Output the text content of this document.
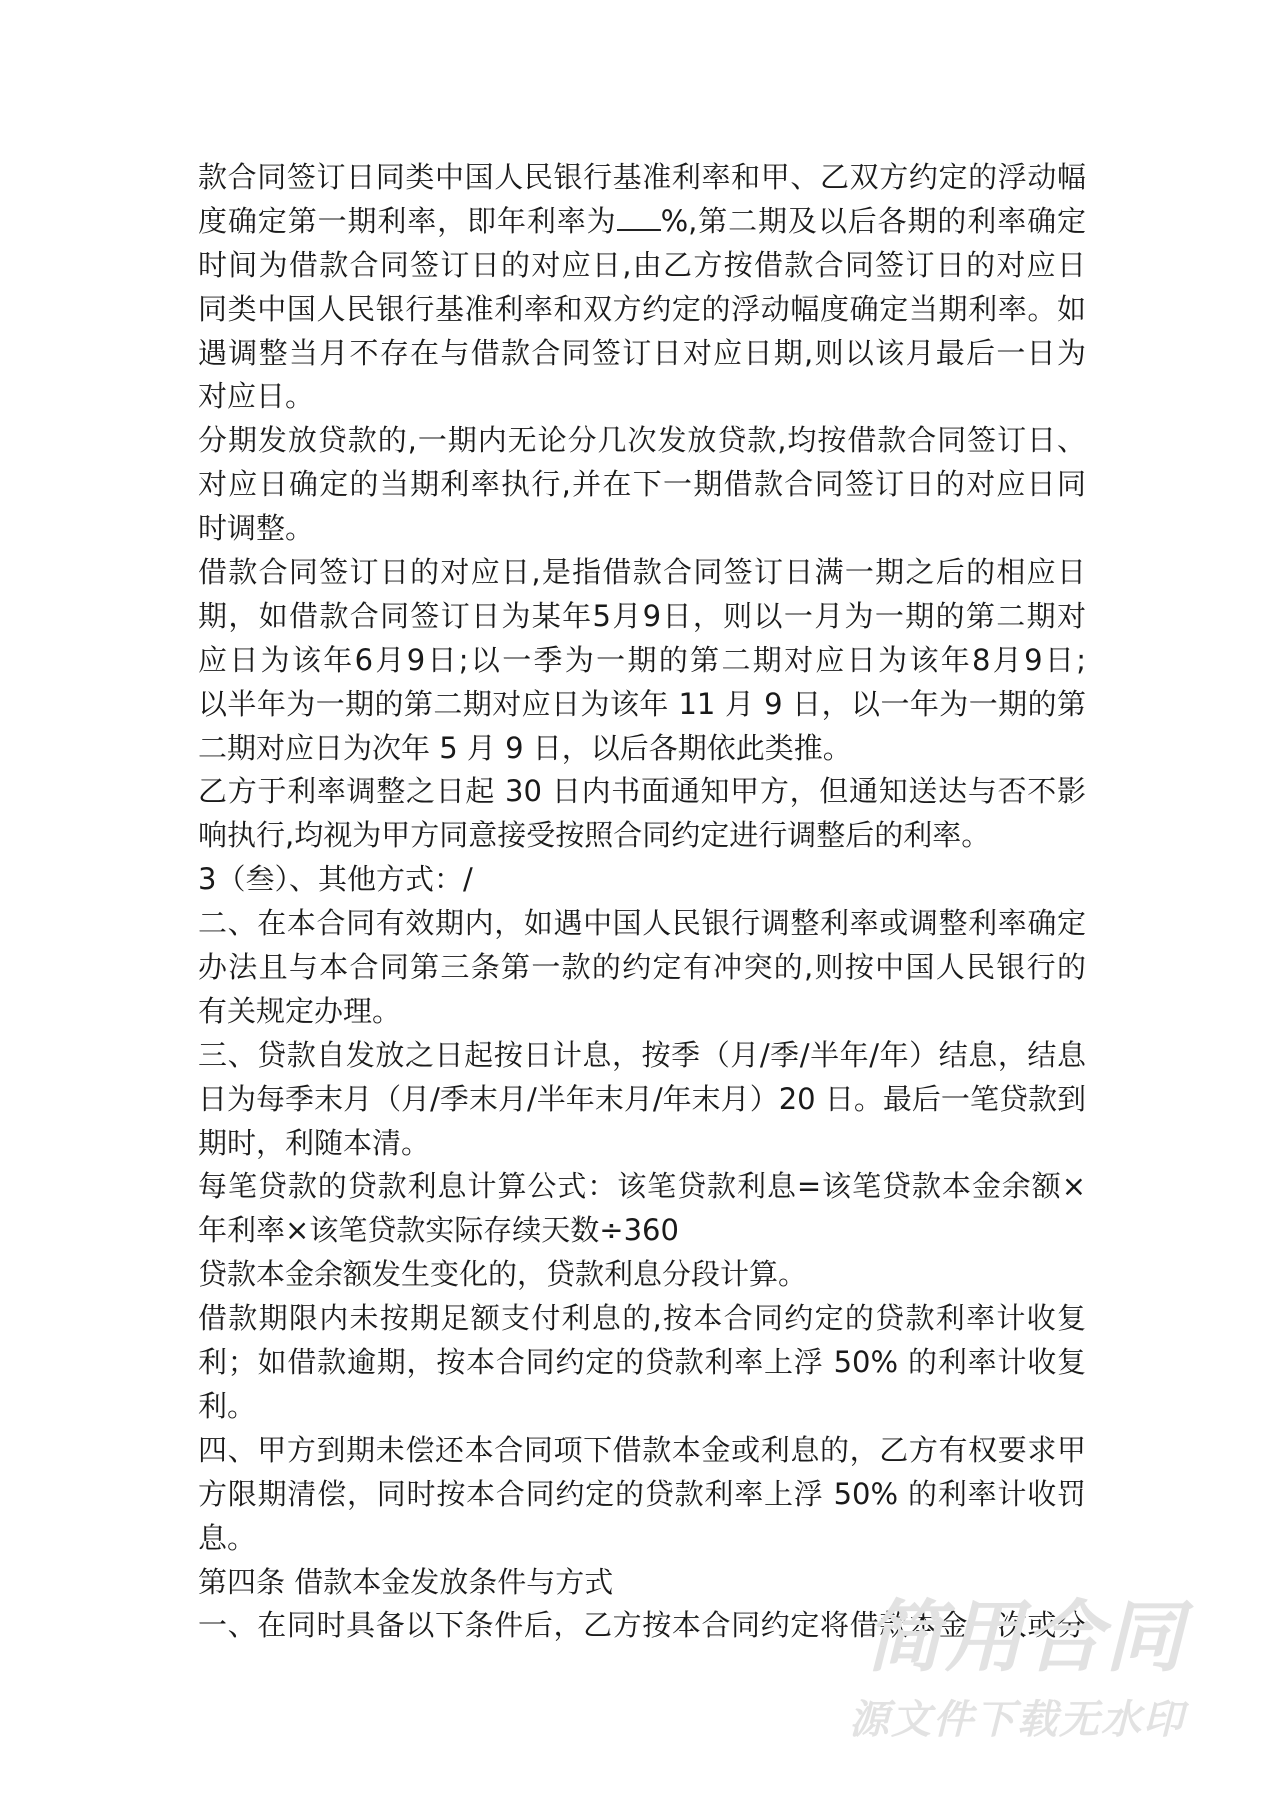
款合同签订日同类中国人民银行基准利率和甲、乙双方约定的浮动幅
度确定第一期利率，即年利率为 %,第二期及以后各期的利率确定
时间为借款合同签订日的对应日,由乙方按借款合同签订日的对应日
同类中国人民银行基准利率和双方约定的浮动幅度确定当期利率。如
遇调整当月不存在与借款合同签订日对应日期,则以该月最后一日为
对应日。
分期发放贷款的,一期内无论分几次发放贷款,均按借款合同签订日、
对应日确定的当期利率执行,并在下一期借款合同签订日的对应日同
时调整。
借款合同签订日的对应日,是指借款合同签订日满一期之后的相应日
期，如借款合同签订日为某年5月9日，则以一月为一期的第二期对
应日为该年6月9日;以一季为一期的第二期对应日为该年8月9日;
以半年为一期的第二期对应日为该年 11 月 9 日，以一年为一期的第
二期对应日为次年 5 月 9 日，以后各期依此类推。
乙方于利率调整之日起 30 日内书面通知甲方，但通知送达与否不影
响执行,均视为甲方同意接受按照合同约定进行调整后的利率。
3（叁）、其他方式：/
二、在本合同有效期内，如遇中国人民银行调整利率或调整利率确定
办法且与本合同第三条第一款的约定有冲突的,则按中国人民银行的
有关规定办理。
三、贷款自发放之日起按日计息，按季（月/季/半年/年）结息，结息
日为每季末月（月/季末月/半年末月/年末月）20 日。最后一笔贷款到
期时，利随本清。
每笔贷款的贷款利息计算公式：该笔贷款利息=该笔贷款本金余额×
年利率×该笔贷款实际存续天数÷360
贷款本金余额发生变化的，贷款利息分段计算。
借款期限内未按期足额支付利息的,按本合同约定的贷款利率计收复
利；如借款逾期，按本合同约定的贷款利率上浮 50% 的利率计收复
利。
四、甲方到期未偿还本合同项下借款本金或利息的，乙方有权要求甲
方限期清偿，同时按本合同约定的贷款利率上浮 50% 的利率计收罚
息。
第四条 借款本金发放条件与方式
一、在同时具备以下条件后，乙方按本合同约定将借款本金一次或分
简用合同
源文件下载无水印
